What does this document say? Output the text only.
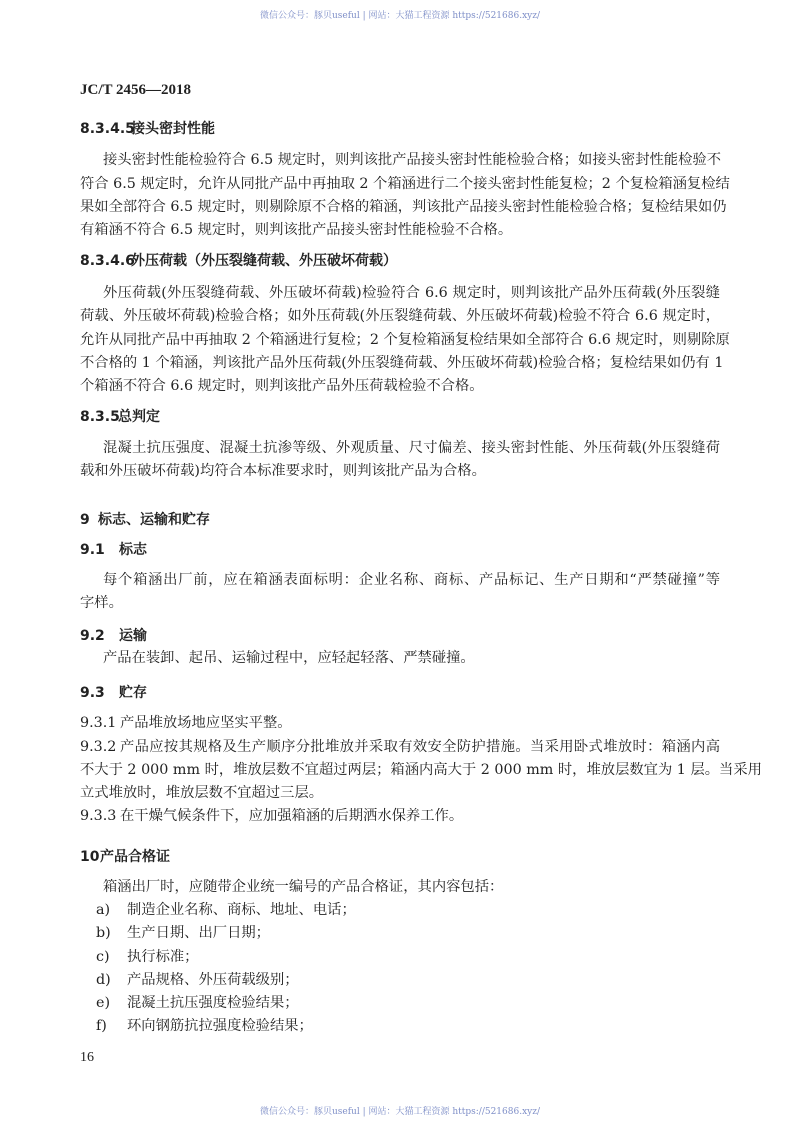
微信公众号：豚贝useful | 网站：大猫工程资源 https://521686.xyz/
JC/T 2456—2018
8.3.4.5
接头密封性能
接头密封性能检验符合 6.5 规定时，则判该批产品接头密封性能检验合格；如接头密封性能检验不
符合 6.5 规定时，允许从同批产品中再抽取 2 个箱涵进行二个接头密封性能复检；2 个复检箱涵复检结
果如全部符合 6.5 规定时，则剔除原不合格的箱涵，判该批产品接头密封性能检验合格；复检结果如仍
有箱涵不符合 6.5 规定时，则判该批产品接头密封性能检验不合格。
8.3.4.6
外压荷载（外压裂缝荷载、外压破坏荷载）
外压荷载(外压裂缝荷载、外压破坏荷载)检验符合 6.6 规定时，则判该批产品外压荷载(外压裂缝
荷载、外压破坏荷载)检验合格；如外压荷载(外压裂缝荷载、外压破坏荷载)检验不符合 6.6 规定时，
允许从同批产品中再抽取 2 个箱涵进行复检；2 个复检箱涵复检结果如全部符合 6.6 规定时，则剔除原
不合格的 1 个箱涵，判该批产品外压荷载(外压裂缝荷载、外压破坏荷载)检验合格；复检结果如仍有 1
个箱涵不符合 6.6 规定时，则判该批产品外压荷载检验不合格。
8.3.5
总判定
混凝土抗压强度、混凝土抗渗等级、外观质量、尺寸偏差、接头密封性能、外压荷载(外压裂缝荷
载和外压破坏荷载)均符合本标准要求时，则判该批产品为合格。
9 标志、运输和贮存
9.1 标志
每个箱涵出厂前，应在箱涵表面标明：企业名称、商标、产品标记、生产日期和“严禁碰撞”等
字样。
9.2 运输
产品在装卸、起吊、运输过程中，应轻起轻落、严禁碰撞。
9.3 贮存
9.3.1 产品堆放场地应坚实平整。
9.3.2 产品应按其规格及生产顺序分批堆放并采取有效安全防护措施。当采用卧式堆放时：箱涵内高
不大于 2 000 mm 时，堆放层数不宜超过两层；箱涵内高大于 2 000 mm 时，堆放层数宜为 1 层。当采用
立式堆放时，堆放层数不宜超过三层。
9.3.3 在干燥气候条件下，应加强箱涵的后期洒水保养工作。
10 产品合格证
箱涵出厂时，应随带企业统一编号的产品合格证，其内容包括：
a) 制造企业名称、商标、地址、电话；
b) 生产日期、出厂日期；
c) 执行标准；
d) 产品规格、外压荷载级别；
e) 混凝土抗压强度检验结果；
f) 环向钢筋抗拉强度检验结果；
16
微信公众号：豚贝useful | 网站：大猫工程资源 https://521686.xyz/
